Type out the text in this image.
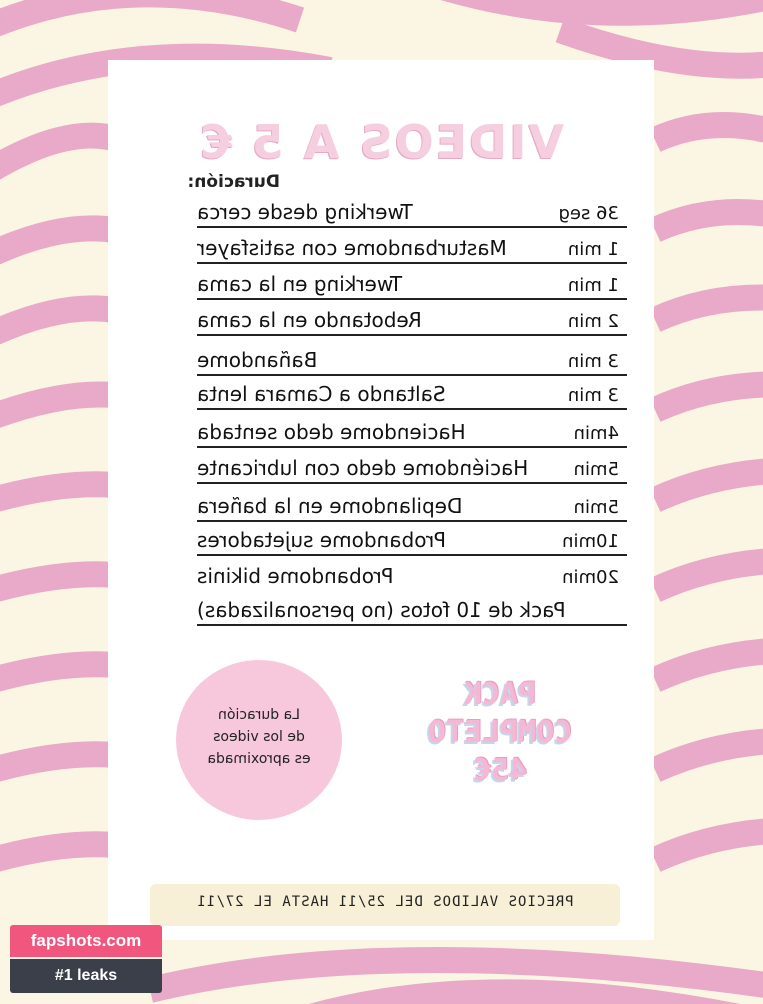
VIDEOS A 5 €
Duración:
Twerking desde cerca	36 seg
Masturbandome con satisfayer	1 min
Twerking en la cama	1 min
Rebotando en la cama	2 min
Bañandome	3 min
Saltando a Camara lenta	3 min
Haciendome dedo sentada	4min
Haciéndome dedo con lubricante	5min
Depilandome en la bañera	5min
Probandome sujetadores	10min
Probandome bikinis	20min
Pack de 10 fotos (no personalizadas)
La duración
de los videos
es aproximada
PACK
COMPLETO
45€
PRECIOS VALIDOS DEL 25/11 HASTA EL 27/11
fapshots.com
#1 leaks
